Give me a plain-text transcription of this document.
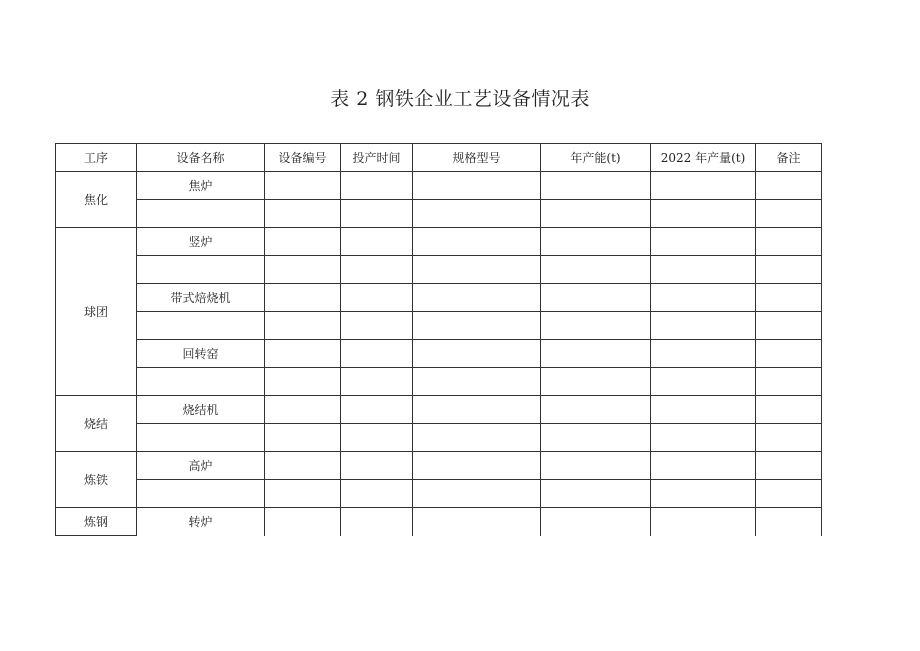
表 2 钢铁企业工艺设备情况表
工序	设备名称	设备编号	投产时间	规格型号	年产能(t)	2022 年产量(t)	备注
焦化	焦炉						

球团	竖炉						

	带式焙烧机						

	回转窑						

烧结	烧结机						

炼铁	高炉						

炼钢	转炉						
